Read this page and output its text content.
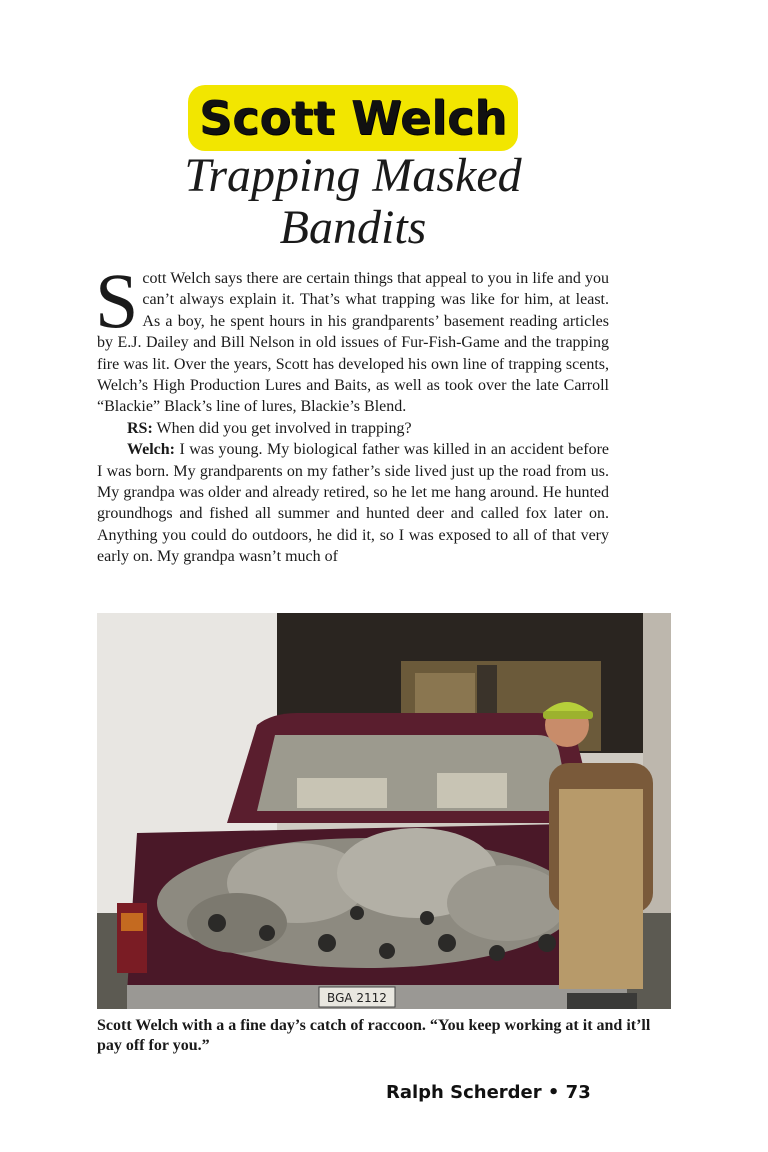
Scott Welch
Trapping Masked Bandits

Scott Welch says there are certain things that appeal to you in life and you can’t always explain it. That’s what trapping was like for him, at least. As a boy, he spent hours in his grandparents’ basement reading articles by E.J. Dailey and Bill Nelson in old issues of Fur-Fish-Game and the trapping fire was lit. Over the years, Scott has developed his own line of trapping scents, Welch’s High Production Lures and Baits, as well as took over the late Carroll “Blackie” Black’s line of lures, Blackie’s Blend.

RS: When did you get involved in trapping?

Welch: I was young. My biological father was killed in an accident before I was born. My grandparents on my father’s side lived just up the road from us. My grandpa was older and already retired, so he let me hang around. He hunted groundhogs and fished all summer and hunted deer and called fox later on. Anything you could do outdoors, he did it, so I was exposed to all of that very early on. My grandpa wasn’t much of

BGA 2112
Scott Welch with a a fine day’s catch of raccoon. “You keep working at it and it’ll pay off for you.”
Ralph Scherder • 73
